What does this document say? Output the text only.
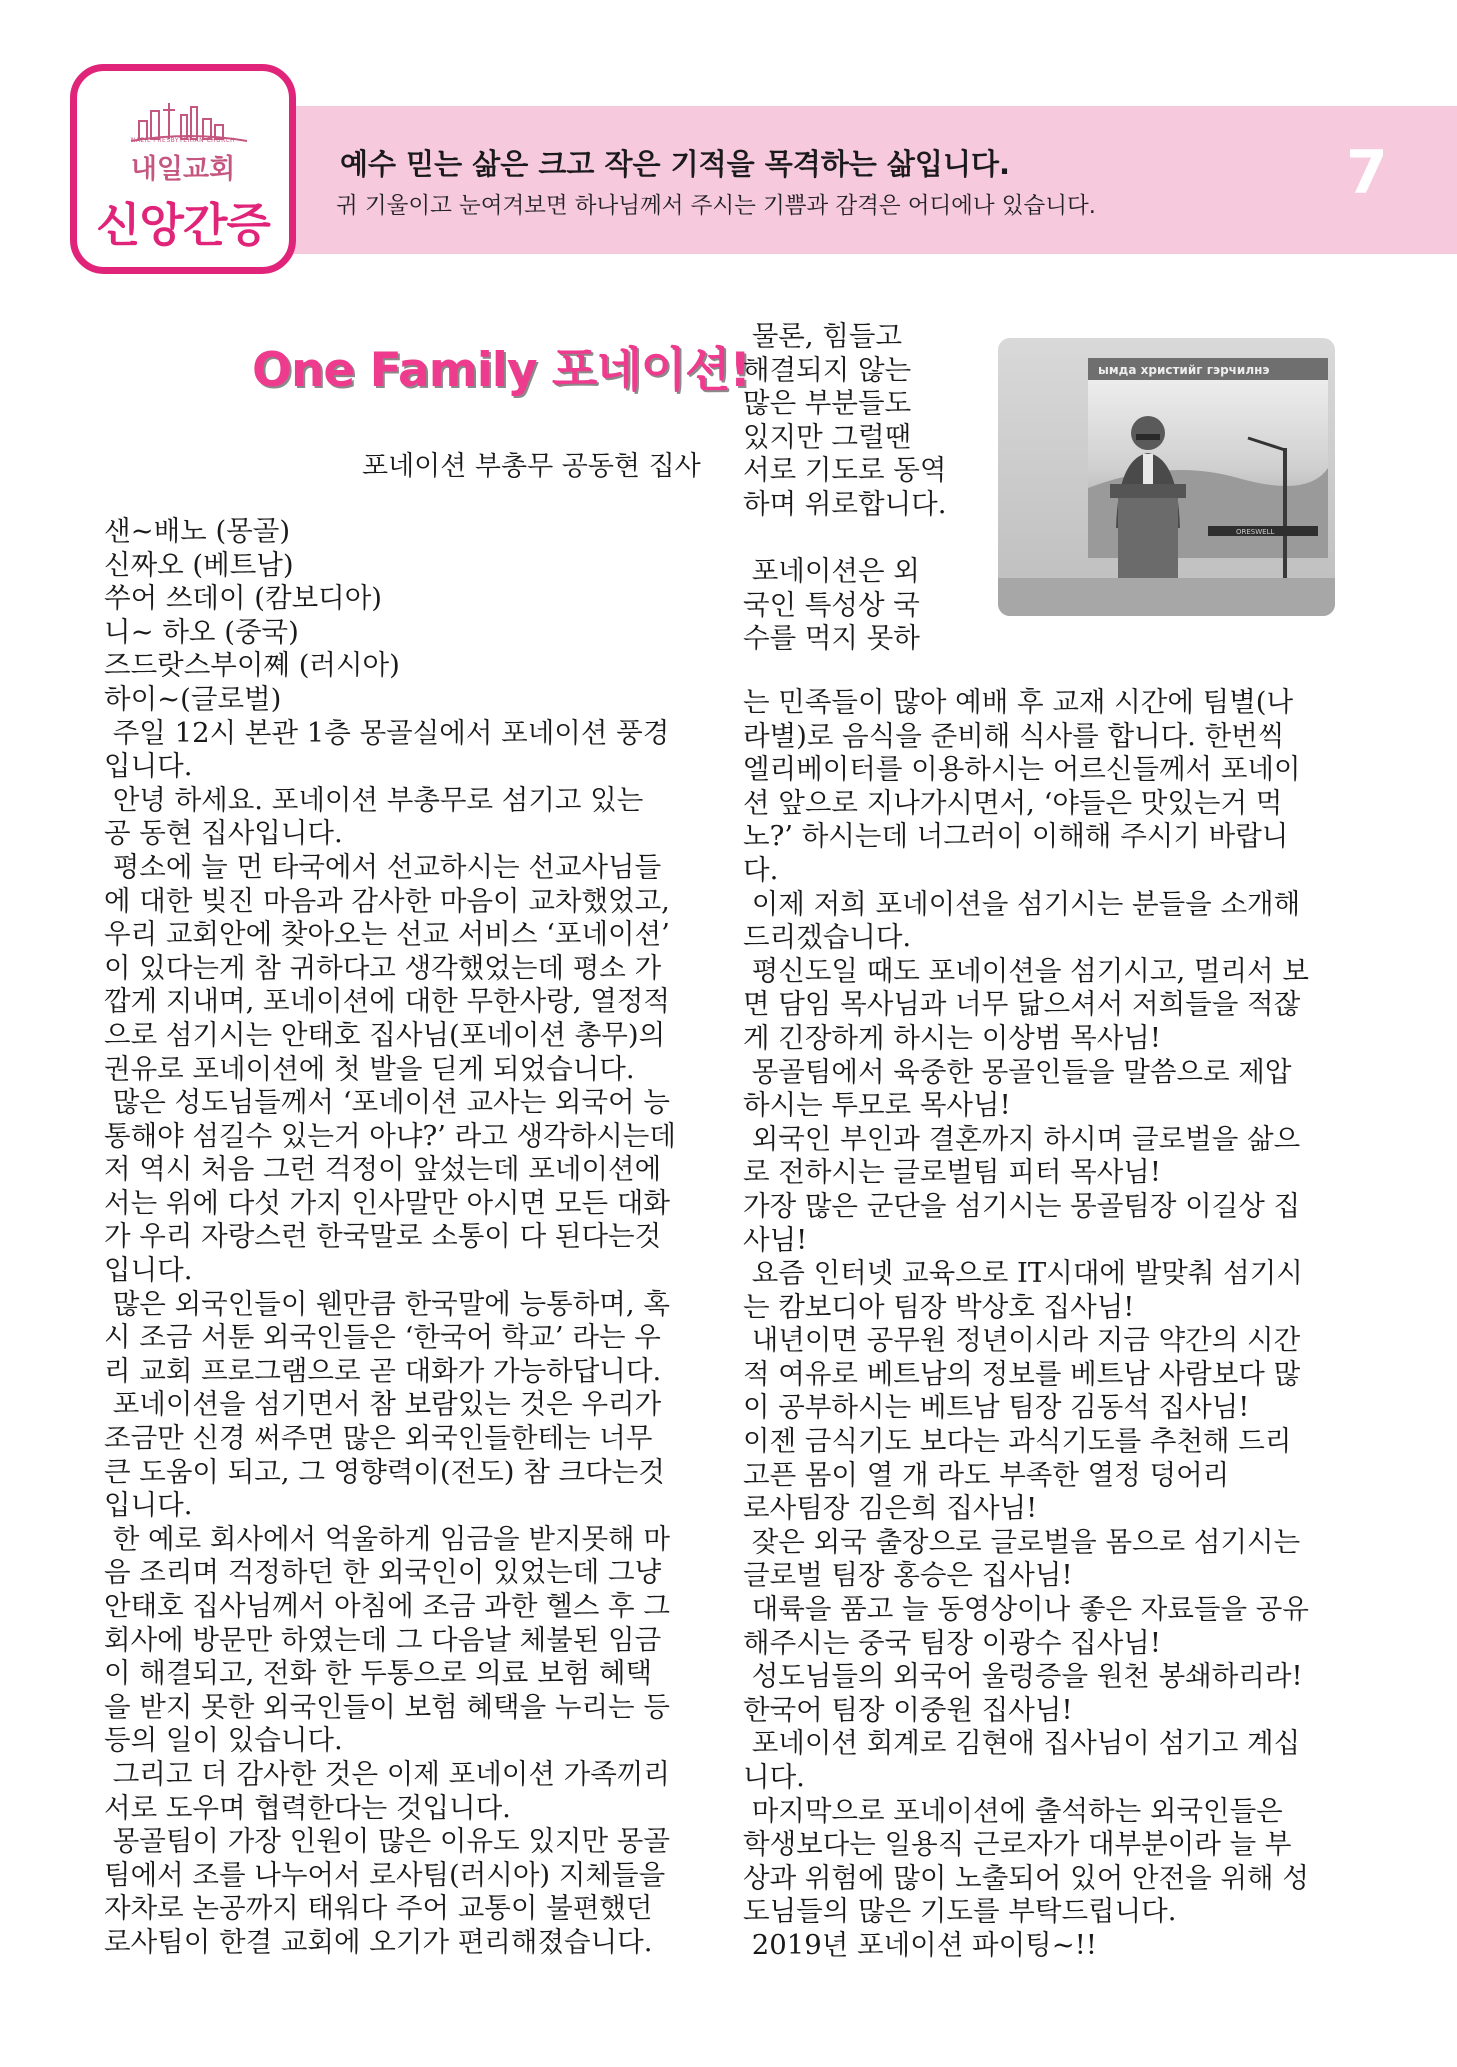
NAEIL PRESBYTERIAN CHURCH
내일교회
신앙간증
예수 믿는 삶은 크고 작은 기적을 목격하는 삶입니다.
귀 기울이고 눈여겨보면 하나님께서 주시는 기쁨과 감격은 어디에나 있습니다.	7
One Family 포네이션!
포네이션 부총무 공동현 집사
ымда христийг гэрчилнэ
ORESWELL

샌~배노 (몽골)

신짜오 (베트남)

쑤어 쓰데이 (캄보디아)

니~ 하오 (중국)

즈드랏스부이쪠 (러시아)

하이~(글로벌)

주일 12시 본관 1층 몽골실에서 포네이션 풍경

입니다.

안녕 하세요. 포네이션 부총무로 섬기고 있는

공 동현 집사입니다.

평소에 늘 먼 타국에서 선교하시는 선교사님들

에 대한 빚진 마음과 감사한 마음이 교차했었고,

우리 교회안에 찾아오는 선교 서비스 ‘포네이션’

이 있다는게 참 귀하다고 생각했었는데 평소 가

깝게 지내며, 포네이션에 대한 무한사랑, 열정적

으로 섬기시는 안태호 집사님(포네이션 총무)의

권유로 포네이션에 첫 발을 딛게 되었습니다.

많은 성도님들께서 ‘포네이션 교사는 외국어 능

통해야 섬길수 있는거 아냐?’ 라고 생각하시는데

저 역시 처음 그런 걱정이 앞섰는데 포네이션에

서는 위에 다섯 가지 인사말만 아시면 모든 대화

가 우리 자랑스런 한국말로 소통이 다 된다는것

입니다.

많은 외국인들이 웬만큼 한국말에 능통하며, 혹

시 조금 서툰 외국인들은 ‘한국어 학교’ 라는 우

리 교회 프로그램으로 곧 대화가 가능하답니다.

포네이션을 섬기면서 참 보람있는 것은 우리가

조금만 신경 써주면 많은 외국인들한테는 너무

큰 도움이 되고, 그 영향력이(전도) 참 크다는것

입니다.

한 예로 회사에서 억울하게 임금을 받지못해 마

음 조리며 걱정하던 한 외국인이 있었는데 그냥

안태호 집사님께서 아침에 조금 과한 헬스 후 그

회사에 방문만 하였는데 그 다음날 체불된 임금

이 해결되고, 전화 한 두통으로 의료 보험 혜택

을 받지 못한 외국인들이 보험 혜택을 누리는 등

등의 일이 있습니다.

그리고 더 감사한 것은 이제 포네이션 가족끼리

서로 도우며 협력한다는 것입니다.

몽골팀이 가장 인원이 많은 이유도 있지만 몽골

팀에서 조를 나누어서 로사팀(러시아) 지체들을

자차로 논공까지 태워다 주어 교통이 불편했던

로사팀이 한결 교회에 오기가 편리해졌습니다.

물론, 힘들고

해결되지 않는

많은 부분들도

있지만 그럴땐

서로 기도로 동역

하며 위로합니다.

포네이션은 외

국인 특성상 국

수를 먹지 못하

는 민족들이 많아 예배 후 교재 시간에 팀별(나

라별)로 음식을 준비해 식사를 합니다. 한번씩

엘리베이터를 이용하시는 어르신들께서 포네이

션 앞으로 지나가시면서, ‘야들은 맛있는거 먹

노?’ 하시는데 너그러이 이해해 주시기 바랍니

다.

이제 저희 포네이션을 섬기시는 분들을 소개해

드리겠습니다.

평신도일 때도 포네이션을 섬기시고, 멀리서 보

면 담임 목사님과 너무 닮으셔서 저희들을 적잖

게 긴장하게 하시는 이상범 목사님!

몽골팀에서 육중한 몽골인들을 말씀으로 제압

하시는 투모로 목사님!

외국인 부인과 결혼까지 하시며 글로벌을 삶으

로 전하시는 글로벌팀 피터 목사님!

가장 많은 군단을 섬기시는 몽골팀장 이길상 집

사님!

요즘 인터넷 교육으로 IT시대에 발맞춰 섬기시

는 캄보디아 팀장 박상호 집사님!

내년이면 공무원 정년이시라 지금 약간의 시간

적 여유로 베트남의 정보를 베트남 사람보다 많

이 공부하시는 베트남 팀장 김동석 집사님!

이젠 금식기도 보다는 과식기도를 추천해 드리

고픈 몸이 열 개 라도 부족한 열정 덩어리

로사팀장 김은희 집사님!

잦은 외국 출장으로 글로벌을 몸으로 섬기시는

글로벌 팀장 홍승은 집사님!

대륙을 품고 늘 동영상이나 좋은 자료들을 공유

해주시는 중국 팀장 이광수 집사님!

성도님들의 외국어 울렁증을 원천 봉쇄하리라!

한국어 팀장 이중원 집사님!

포네이션 회계로 김현애 집사님이 섬기고 계십

니다.

마지막으로 포네이션에 출석하는 외국인들은

학생보다는 일용직 근로자가 대부분이라 늘 부

상과 위험에 많이 노출되어 있어 안전을 위해 성

도님들의 많은 기도를 부탁드립니다.

2019년 포네이션 파이팅~!!
